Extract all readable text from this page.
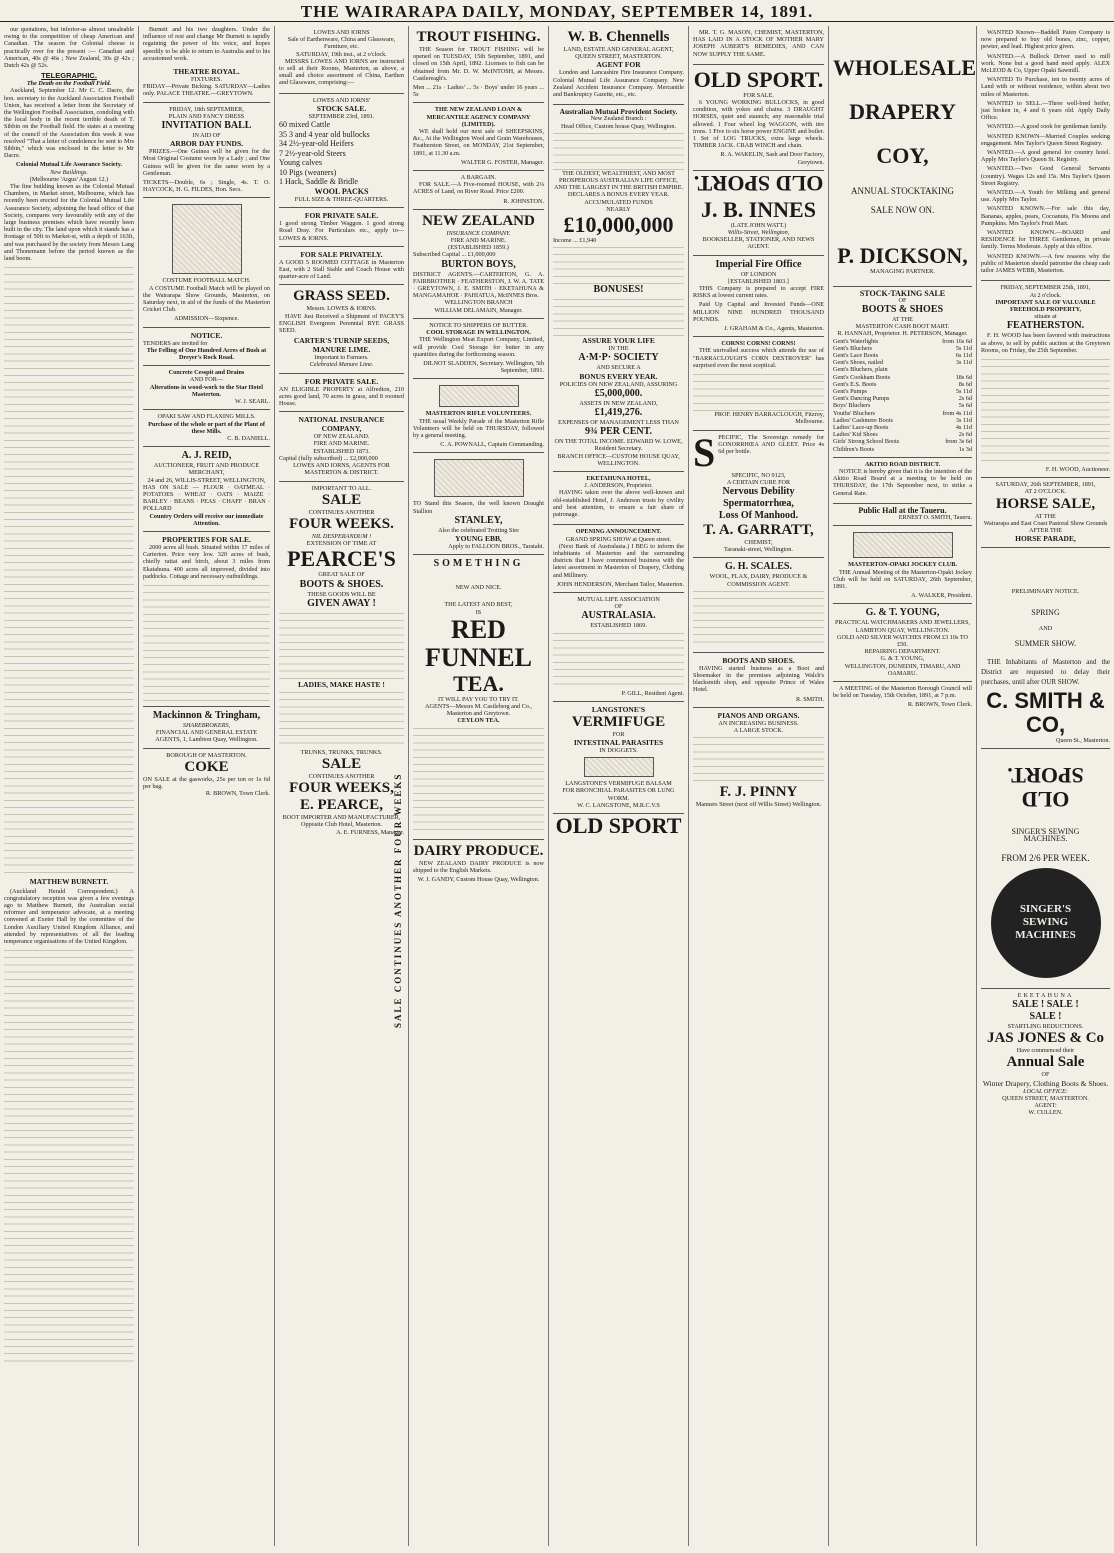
THE WAIRARAPA DAILY, MONDAY, SEPTEMBER 14, 1891.

our quotations, but inferior-as almost unsaleable owing to the competition of cheap American and Canadian. The season for Colonial cheese is practically over for the present :— Canadian and American, 40s @ 46s ; New Zealand, 30s @ 42s ; Dutch 42s @ 52s.

TELEGRAPHIC.
The Death on the Football Field.

Auckland, September 12. Mr C. C. Dacre, the hon. secretary to the Auckland Association Football Union, has received a letter from the Secretary of the Wellington Football Association, condoling with the local body in the recent terrible death of T. Sibbin on the Football field. He states at a meeting of the council of the Association this week it was resolved "That a letter of condolence be sent to Mrs Sibbin," which was enclosed in the letter to Mr Dacre.

Colonial Mutual Life Assurance Society.
New Buildings.
(Melbourne 'Argus' August 12.)

The fine building known as the Colonial Mutual Chambers, in Market street, Melbourne, which has recently been erected for the Colonial Mutual Life Assurance Society, adjoining the head office of that Society, compares very favourably with any of the large business premises which have recently been built in the city. The land upon which it stands has a frontage of 50ft to Market-st, with a depth of 163ft, and was purchased by the society from Messrs Lang and Thonemann before the period known as the land boom.

MATTHEW BURNETT.

(Auckland Herald Correspondent.) A congratulatory reception was given a few evenings ago to Matthew Burnett, the Australian social reformer and temperance advocate, at a meeting convened at Exeter Hall by the committee of the London Auxiliary United Kingdom Alliance, and attended by representatives of all the leading temperance organisations of the United Kingdom.

Burnett and his two daughters. Under the influence of rest and change Mr Burnett is rapidly regaining the power of his voice, and hopes speedily to be able to return to Australia and to his accustomed work.

THEATRE ROYAL.
FIXTURES.
FRIDAY—Private Bicking. SATURDAY—Ladies only. PALACE THEATRE.—GREYTOWN.
FRIDAY, 18th SEPTEMBER,
PLAIN AND FANCY DRESS
INVITATION BALL
IN AID OF
ARBOR DAY FUNDS.

PRIZES.—One Guinea will be given for the Most Original Costume worn by a Lady ; and One Guinea will be given for the same worn by a Gentleman.

TICKETS—Double, 6s ; Single, 4s. T. O. HAYCOCK, H. G. FILDES, Hon. Secs.
COSTUME FOOTBALL MATCH.

A COSTUME Football Match will be played on the Wairarapa Show Grounds, Masterton, on Saturday next, in aid of the funds of the Masterton Cricket Club.

ADMISSION—Sixpence.
NOTICE.
TENDERS are invited for
The Felling of One Hundred Acres of Bush at Dreyer's Rock Road.
Concrete Cesspit and Drains
AND FOR—
Alterations in wood-work to the Star Hotel Masterton.
W. J. SEARL.
OPAKI SAW AND FLAXING MILLS.
Purchase of the whole or part of the Plant of these Mills.
C. B. DANIELL.
A. J. REID,
AUCTIONEER, FRUIT AND PRODUCE MERCHANT,
24 and 26, WILLIS-STREET, WELLINGTON,
HAS ON SALE — FLOUR · OATMEAL · POTATOES · WHEAT · OATS · MAIZE · BARLEY · BEANS · PEAS · CHAFF · BRAN · POLLARD
Country Orders will receive our immediate Attention.
PROPERTIES FOR SALE.

2000 acres all bush. Situated within 17 miles of Carterton. Price very low. 320 acres of bush, chiefly rattai and birch, about 3 miles from Ekatahuna. 400 acres all improved, divided into paddocks. Cottage and necessary outbuildings.

Mackinnon & Tringham,
SHAREBROKERS,
FINANCIAL AND GENERAL ESTATE AGENTS, 1, Lambton Quay, Wellington.
BOROUGH OF MASTERTON.
COKE
ON SALE at the gasworks, 25s per ton or 1s 6d per bag.
R. BROWN, Town Clerk.
LOWES AND IORNS
Sale of Earthenware, China and Glassware, Furniture, etc.
SATURDAY, 19th inst., at 2 o'clock.

MESSRS LOWES AND IORNS are instructed to sell at their Rooms, Masterton, as above, a small and choice assortment of China, Earthen and Glassware, comprising:—

LOWES AND IORNS'
STOCK SALE.
SEPTEMBER 23rd, 1891.
60 mixed Cattle
35 3 and 4 year old bullocks
34 2½-year-old Heifers
7 2½-year-old Steers
Young calves
10 Pigs (weaners)
1 Hack, Saddle & Bridle
WOOL PACKS
FULL SIZE & THREE-QUARTERS.
FOR PRIVATE SALE.
1 good strong Timber Waggon. 1 good strong Road Dray. For Particulars etc., apply to— LOWES & IORNS.
FOR SALE PRIVATELY.
A GOOD 5 ROOMED COTTAGE in Masterton East, with 2 Stall Stable and Coach House with quarter-acre of Land.
GRASS SEED.
Messrs. LOWES & IORNS.

HAVE Just Received a Shipment of PACEY'S ENGLISH Evergreen Perennial RYE GRASS SEED.

CARTER'S TURNIP SEEDS,
MANURE LIME.
Important to Farmers.
Celebrated Manure Lime.
FOR PRIVATE SALE.
AN ELIGIBLE PROPERTY at Alfredton, 210 acres good land, 70 acres in grass, and 8 roomed House.
NATIONAL INSURANCE COMPANY,
OF NEW ZEALAND.
FIRE AND MARINE.
ESTABLISHED 1873.
Capital (fully subscribed) ... £2,000,000
LOWES AND IORNS, AGENTS FOR MASTERTON & DISTRICT.
IMPORTANT TO ALL.
SALE
CONTINUES ANOTHER
FOUR WEEKS.
NIL DESPERANDUM !
EXTENSION OF TIME AT
PEARCE'S
GREAT SALE OF
BOOTS & SHOES.
THESE GOODS WILL BE
GIVEN AWAY !
LADIES, MAKE HASTE !
TRUNKS, TRUNKS, TRUNKS.
SALE
CONTINUES ANOTHER
FOUR WEEKS,
E. PEARCE,
BOOT IMPORTER AND MANUFACTURER,
Opposite Club Hotel, Masterton.
A. E. FURNESS, Manager.
TROUT FISHING.

THE Season for TROUT FISHING will be opened on TUESDAY, 15th September, 1891, and closed on 15th April, 1892. Licenses to fish can be obtained from Mr. D. W. McINTOSH, at Messrs. Castlereagh's.

Men ... 21s · Ladies' ... 5s · Boys' under 16 years ... 5s
THE NEW ZEALAND LOAN & MERCANTILE AGENCY COMPANY (LIMITED).

WE shall hold our next sale of SHEEPSKINS, &c., At the Wellington Wool and Grain Warehouses, Featherston Street, on MONDAY, 21st September, 1891, at 11.30 a.m.

WALTER G. FOSTER, Manager.
A BARGAIN.

FOR SALE.—A Five-roomed HOUSE, with 2¼ ACRES of Land, on River Road. Price £200.

R. JOHNSTON.
NEW ZEALAND
INSURANCE COMPANY.
FIRE AND MARINE.
(ESTABLISHED 1859.)
Subscribed Capital ... £1,000,000
BURTON BOYS,
DISTRICT AGENTS.—CARTERTON, G. A. FAIRBROTHER · FEATHERSTON, J. W. A. TATE · GREYTOWN, J. E. SMITH · EKETAHUNA & MANGAMAHOE · PAHIATUA, McINNES Bros.
WELLINGTON BRANCH
WILLIAM DELAMAIN, Manager.
NOTICE TO SHIPPERS OF BUTTER.
COOL STORAGE IN WELLINGTON.

THE Wellington Meat Export Company, Limited, will provide Cool Storage for butter in any quantities during the forthcoming season.

DILNOT SLADDEN, Secretary. Wellington, 5th September, 1891.
MASTERTON RIFLE VOLUNTEERS.

THE usual Weekly Parade of the Masterton Rifle Volunteers will be held on THURSDAY, followed by a general meeting.

C. A. POWNALL, Captain Commanding.
TO Stand this Season, the well known Draught Stallion
STANLEY,
Also the celebrated Trotting Sire
YOUNG EBB,
Apply to FALLOON BROS., Taratahi.
SOMETHING
NEW AND NICE.
THE LATEST AND BEST,
IS
RED FUNNEL
TEA.
IT WILL PAY YOU TO TRY IT.
AGENTS—Messrs M. Castleberg and Co., Masterton and Greytown.
CEYLON TEA.
DAIRY PRODUCE.

NEW ZEALAND DAIRY PRODUCE is now shipped to the English Markets.

W. J. GANDY, Custom House Quay, Wellington.
W. B. Chennells
LAND, ESTATE AND GENERAL AGENT,
QUEEN STREET, MASTERTON.
AGENT FOR

London and Lancashire Fire Insurance Company. Colonial Mutual Life Assurance Company. New Zealand Accident Insurance Company. Mercantile and Bankruptcy Gazette, etc., etc.

Australian Mutual Provident Society.
New Zealand Branch :
Head Office, Custom house Quay, Wellington.
THE OLDEST, WEALTHIEST, AND MOST PROSPEROUS AUSTRALIAN LIFE OFFICE,
AND THE LARGEST IN THE BRITISH EMPIRE.
DECLARES A BONUS EVERY YEAR.
ACCUMULATED FUNDS
NEARLY
£10,000,000
Income ... £1,940
BONUSES!
ASSURE YOUR LIFE
IN THE
A·M·P· SOCIETY
AND SECURE A
BONUS EVERY YEAR.
POLICIES ON NEW ZEALAND, ASSURING
£5,000,000.
ASSETS IN NEW ZEALAND,
£1,419,276.
EXPENSES OF MANAGEMENT LESS THAN
9¾ PER CENT.
ON THE TOTAL INCOME. EDWARD W. LOWE, Resident Secretary.
BRANCH OFFICE—CUSTOM HOUSE QUAY, WELLINGTON.
EKETAHUNA HOTEL,
J. ANDERSON, Proprietor.

HAVING taken over the above well-known and old-established Hotel, J. Anderson trusts by civility and best attention, to ensure a fair share of patronage.

OPENING ANNOUNCEMENT.
GRAND SPRING SHOW at Queen street.

(Next Bank of Australasia.) I BEG to inform the inhabitants of Masterton and the surrounding districts that I have commenced business with the latest assortment in Masterton of Drapery, Clothing and Millinery.

JOHN HENDERSON, Merchant Tailor, Masterton.
MUTUAL LIFE ASSOCIATION
OF
AUSTRALASIA.
ESTABLISHED 1869.
P. GILL, Resident Agent.
LANGSTONE'S
VERMIFUGE
FOR
INTESTINAL PARASITES
IN DOGGETS.
LANGSTONE'S VERMIFUGE BALSAM
FOR BRONCHIAL PARASITES OR LUNG WORM.
W. C. LANGSTONE, M.R.C.V.S
OLD SPORT

MR. T. G. MASON, CHEMIST, MASTERTON, HAS LAID IN A STOCK OF MOTHER MARY JOSEPH AUBERT'S REMEDIES, AND CAN NOW SUPPLY THE SAME.

OLD SPORT.
FOR SALE.

6 YOUNG WORKING BULLOCKS, in good condition, with yokes and chains. 3 DRAUGHT HORSES, quiet and staunch; any reasonable trial allowed. 1 Four wheel log WAGGON, with tire irons. 1 Five to six horse power ENGINE and boiler. 1 Set of LOG TRUCKS, extra large wheels. TIMBER JACK. CRAB WINCH and chain.

R. A. WAKELIN, Sash and Door Factory, Greytown.
OLD SPORT.
J. B. INNES
(LATE JOHN WATT.)
Willis-Street, Wellington,
BOOKSELLER, STATIONER, AND NEWS AGENT.
Imperial Fire Office
OF LONDON
[ESTABLISHED 1803.]

THIS Company is prepared to accept FIRE RISKS at lowest current rates.

Paid Up Capital and Invested Funds—ONE MILLION NINE HUNDRED THOUSAND POUNDS.

J. GRAHAM & Co., Agents, Masterton.
CORNS! CORNS! CORNS!

THE unrivalled success which attends the use of "BARRACLOUGH'S CORN DESTROYER" has surprised even the most sceptical.

PROF. HENRY BARRACLOUGH, Fitzroy, Melbourne.
S PECIFIC, The Sovereign remedy for GONORRHŒA AND GLEET. Price 4s 6d per bottle.
SPECIFIC, NO 9123,
A CERTAIN CURE FOR
Nervous Debility
Spermatorrhœa,
Loss Of Manhood.
T. A. GARRATT,
CHEMIST,
Taranaki-street, Wellington.
G. H. SCALES.
WOOL, FLAX, DAIRY, PRODUCE & COMMISSION AGENT.
BOOTS AND SHOES.

HAVING started business as a Boot and Shoemaker in the premises adjoining Walch's blacksmith shop, and opposite Prince of Wales Hotel.

R. SMITH.
PIANOS AND ORGANS.
AN INCREASING BUSINESS.
A LARGE STOCK.
F. J. PINNY
Manners Street (next off Willis Street) Wellington.
WHOLESALE
DRAPERY
COY,
ANNUAL STOCKTAKING
SALE NOW ON.
P. DICKSON,
MANAGING PARTNER.
STOCK-TAKING SALE
OF
BOOTS & SHOES
AT THE
MASTERTON CASH BOOT MART.
R. HANNAH, Proprietor. H. PETERSON, Manager.
Gent's Waterlights	from 16s 6d
Gent's Bluchers	5s 11d
Gent's Lace Boots	6s 11d
Gent's Shoes, nailed	3s 11d
Gent's Bluchers, plain	
Gent's Cookham Boots	18s 6d
Gent's E.S. Boots	8s 6d
Gent's Pumps	5s 11d
Gent's Dancing Pumps	2s 6d
Boys' Bluchers	5s 6d
Youths' Bluchers	from 4s 11d
Ladies' Cashmere Boots	3s 11d
Ladies' Lace-up Boots	4s 11d
Ladies' Kid Shoes	2s 6d
Girls' Strong School Boots	from 3s 6d
Children's Boots	1s 3d
AKITIO ROAD DISTRICT.

NOTICE is hereby given that it is the intention of the Akitio Road Board at a meeting to be held on THURSDAY, the 17th September next, to strike a General Rate.

Public Hall at the Taueru.
ERNEST O. SMITH, Taueru.
MASTERTON-OPAKI JOCKEY CLUB.

THE Annual Meeting of the Masterton-Opaki Jockey Club will be held on SATURDAY, 26th September, 1891.

A. WALKER, President.
G. & T. YOUNG,
PRACTICAL WATCHMAKERS AND JEWELLERS,
LAMBTON QUAY, WELLINGTON.
GOLD AND SILVER WATCHES FROM £3 10s TO £50.
REPAIRING DEPARTMENT.
G. & T. YOUNG,
WELLINGTON, DUNEDIN, TIMARU, AND OAMARU.

A MEETING of the Masterton Borough Council will be held on Tuesday, 15th October, 1891, at 7 p.m.

R. BROWN, Town Clerk.

WANTED Known—Baddell Paten Company is now prepared to buy old bones, zinc, copper, pewter, and lead. Highest price given.

WANTED.—A Bullock Driver used to mill work. None but a good hand need apply. ALEX McLEOD & Co, Upper Opaki Sawmill.

WANTED To Purchase, ten to twenty acres of Land with or without residence, within about two miles of Masterton.

WANTED to SELL.—Three well-bred heifer, just broken in, 4 and 6 years old. Apply Daily Office.

WANTED.—A good cook for gentleman family.

WANTED KNOWN—Married Couples seeking engagement. Mrs Taylor's Queen Street Registry.

WANTED.—A good general for country hotel. Apply Mrs Taylor's Queen St. Registry.

WANTED.—Two Good General Servants (country). Wages 12s and 15s. Mrs Taylor's Queen Street Registry.

WANTED.—A Youth for Milking and general use. Apply Mrs Taylor.

WANTED KNOWN.—For sale this day, Bananas, apples, pears, Cocoanuts, Fis Moona and Pumpkins. Mrs Taylor's Fruit Mart.

WANTED KNOWN.—BOARD and RESIDENCE for THREE Gentlemen, in private family. Terms Moderate. Apply at this office.

WANTED KNOWN.—A few reasons why the public of Masterton should patronise the cheap cash tailor JAMES WEBB, Masterton.

FRIDAY, SEPTEMBER 25th, 1891,
At 2 o'clock.
IMPORTANT SALE OF VALUABLE FREEHOLD PROPERTY,
situate at
FEATHERSTON.

F. H. WOOD has been favored with instructions as above, to sell by public auction at the Greytown Rooms, on Friday, the 25th September.

F. H. WOOD, Auctioneer.
SATURDAY, 26th SEPTEMBER, 1891,
AT 2 O'CLOCK.
HORSE SALE,
AT THE
Wairarapa and East Coast Pastoral Show Grounds
AFTER THE
HORSE PARADE,
PRELIMINARY NOTICE.
SPRING
AND
SUMMER SHOW.

THE Inhabitants of Masterton and the District are requested to delay their purchases, until after OUR SHOW.

C. SMITH & CO,
Queen St., Masterton.
OLD SPORT.
SINGER'S SEWING
MACHINES.
FROM 2/6 PER WEEK.
SINGER'S SEWING MACHINES
EKETAHUNA
SALE ! SALE !
SALE !
STARTLING REDUCTIONS.
JAS JONES & Co
Have commenced their
Annual Sale
OF
Winter Drapery, Clothing Boots & Shoes.
LOCAL OFFICE:
QUEEN STREET, MASTERTON.
AGENT:
W. CULLEN.
SALE CONTINUES ANOTHER FOUR WEEKS
